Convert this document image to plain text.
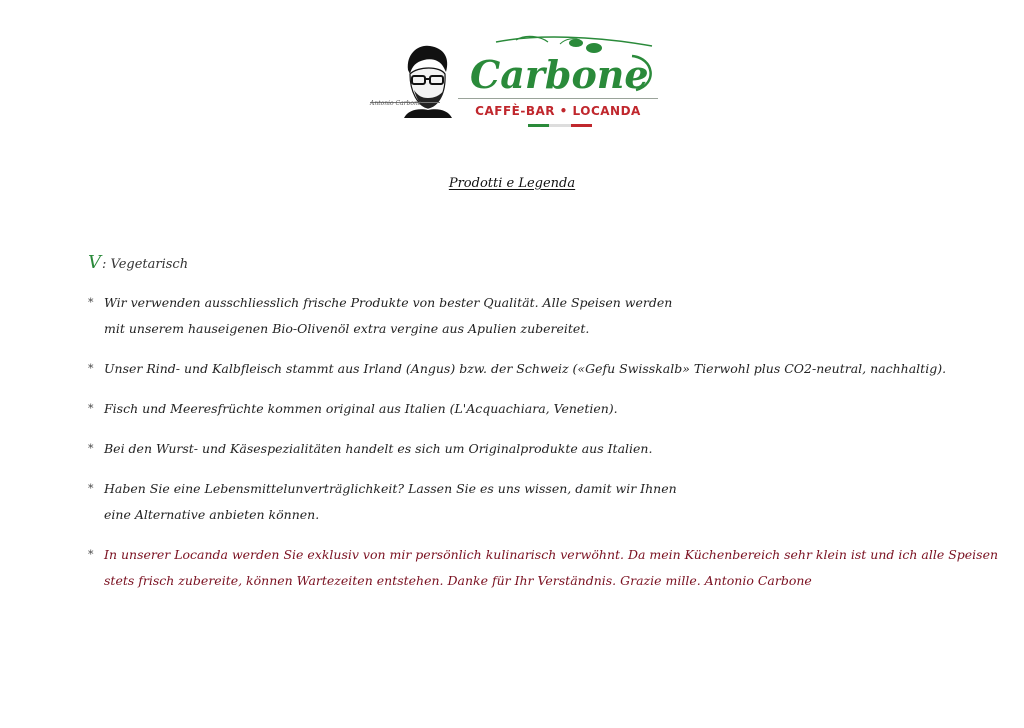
Antonio Carbone
Carbone
CAFFÈ-BAR • LOCANDA
Prodotti e Legenda
V: Vegetarisch
* Wir verwenden ausschliesslich frische Produkte von bester Qualität. Alle Speisen werden
mit unserem hauseigenen Bio-Olivenöl extra vergine aus Apulien zubereitet.
* Unser Rind- und Kalbfleisch stammt aus Irland (Angus) bzw. der Schweiz («Gefu Swisskalb» Tierwohl plus CO2-neutral, nachhaltig).
* Fisch und Meeresfrüchte kommen original aus Italien (L'Acquachiara, Venetien).
* Bei den Wurst- und Käsespezialitäten handelt es sich um Originalprodukte aus Italien.
* Haben Sie eine Lebensmittelunverträglichkeit? Lassen Sie es uns wissen, damit wir Ihnen
eine Alternative anbieten können.
* In unserer Locanda werden Sie exklusiv von mir persönlich kulinarisch verwöhnt. Da mein Küchenbereich sehr klein ist und ich alle Speisen
stets frisch zubereite, können Wartezeiten entstehen. Danke für Ihr Verständnis. Grazie mille. Antonio Carbone
